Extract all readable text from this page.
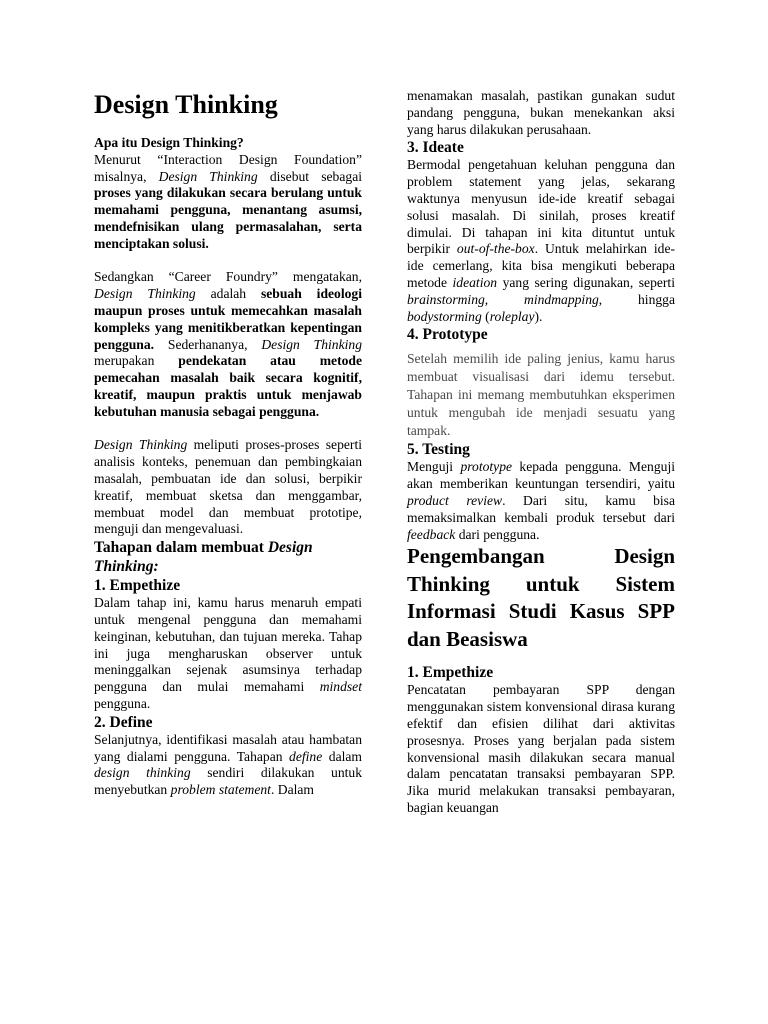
Design Thinking

Apa itu Design Thinking?

Menurut “Interaction Design Foundation” misalnya, Design Thinking disebut sebagai proses yang dilakukan secara berulang untuk memahami pengguna, menantang asumsi, mendefnisikan ulang permasalahan, serta menciptakan solusi.

Sedangkan “Career Foundry” mengatakan, Design Thinking adalah sebuah ideologi maupun proses untuk memecahkan masalah kompleks yang menitikberatkan kepentingan pengguna. Sederhananya, Design Thinking merupakan pendekatan atau metode pemecahan masalah baik secara kognitif, kreatif, maupun praktis untuk menjawab kebutuhan manusia sebagai pengguna.

Design Thinking meliputi proses-proses seperti analisis konteks, penemuan dan pembingkaian masalah, pembuatan ide dan solusi, berpikir kreatif, membuat sketsa dan menggambar, membuat model dan membuat prototipe, menguji dan mengevaluasi.

Tahapan dalam membuat Design Thinking:
1. Empethize

Dalam tahap ini, kamu harus menaruh empati untuk mengenal pengguna dan memahami keinginan, kebutuhan, dan tujuan mereka. Tahap ini juga mengharuskan observer untuk meninggalkan sejenak asumsinya terhadap pengguna dan mulai memahami mindset pengguna.

2. Define

Selanjutnya, identifikasi masalah atau hambatan yang dialami pengguna. Tahapan define dalam design thinking sendiri dilakukan untuk menyebutkan problem statement. Dalam

menamakan masalah, pastikan gunakan sudut pandang pengguna, bukan menekankan aksi yang harus dilakukan perusahaan.

3. Ideate

Bermodal pengetahuan keluhan pengguna dan problem statement yang jelas, sekarang waktunya menyusun ide-ide kreatif sebagai solusi masalah. Di sinilah, proses kreatif dimulai. Di tahapan ini kita dituntut untuk berpikir out-of-the-box. Untuk melahirkan ide-ide cemerlang, kita bisa mengikuti beberapa metode ideation yang sering digunakan, seperti brainstorming,	mindmapping, hingga bodystorming (roleplay).

4. Prototype

Setelah memilih ide paling jenius, kamu harus membuat visualisasi dari idemu tersebut. Tahapan ini memang membutuhkan eksperimen untuk mengubah ide menjadi sesuatu yang tampak.

5. Testing

Menguji prototype kepada pengguna. Menguji akan memberikan keuntungan tersendiri, yaitu product review. Dari situ, kamu bisa memaksimalkan kembali produk tersebut dari feedback dari pengguna.

Pengembangan Design Thinking untuk Sistem Informasi Studi Kasus SPP dan Beasiswa
1. Empethize

Pencatatan pembayaran SPP dengan menggunakan sistem konvensional dirasa kurang efektif dan efisien dilihat dari aktivitas prosesnya. Proses yang berjalan pada sistem konvensional masih dilakukan secara manual dalam pencatatan transaksi pembayaran SPP. Jika murid melakukan transaksi pembayaran, bagian keuangan
